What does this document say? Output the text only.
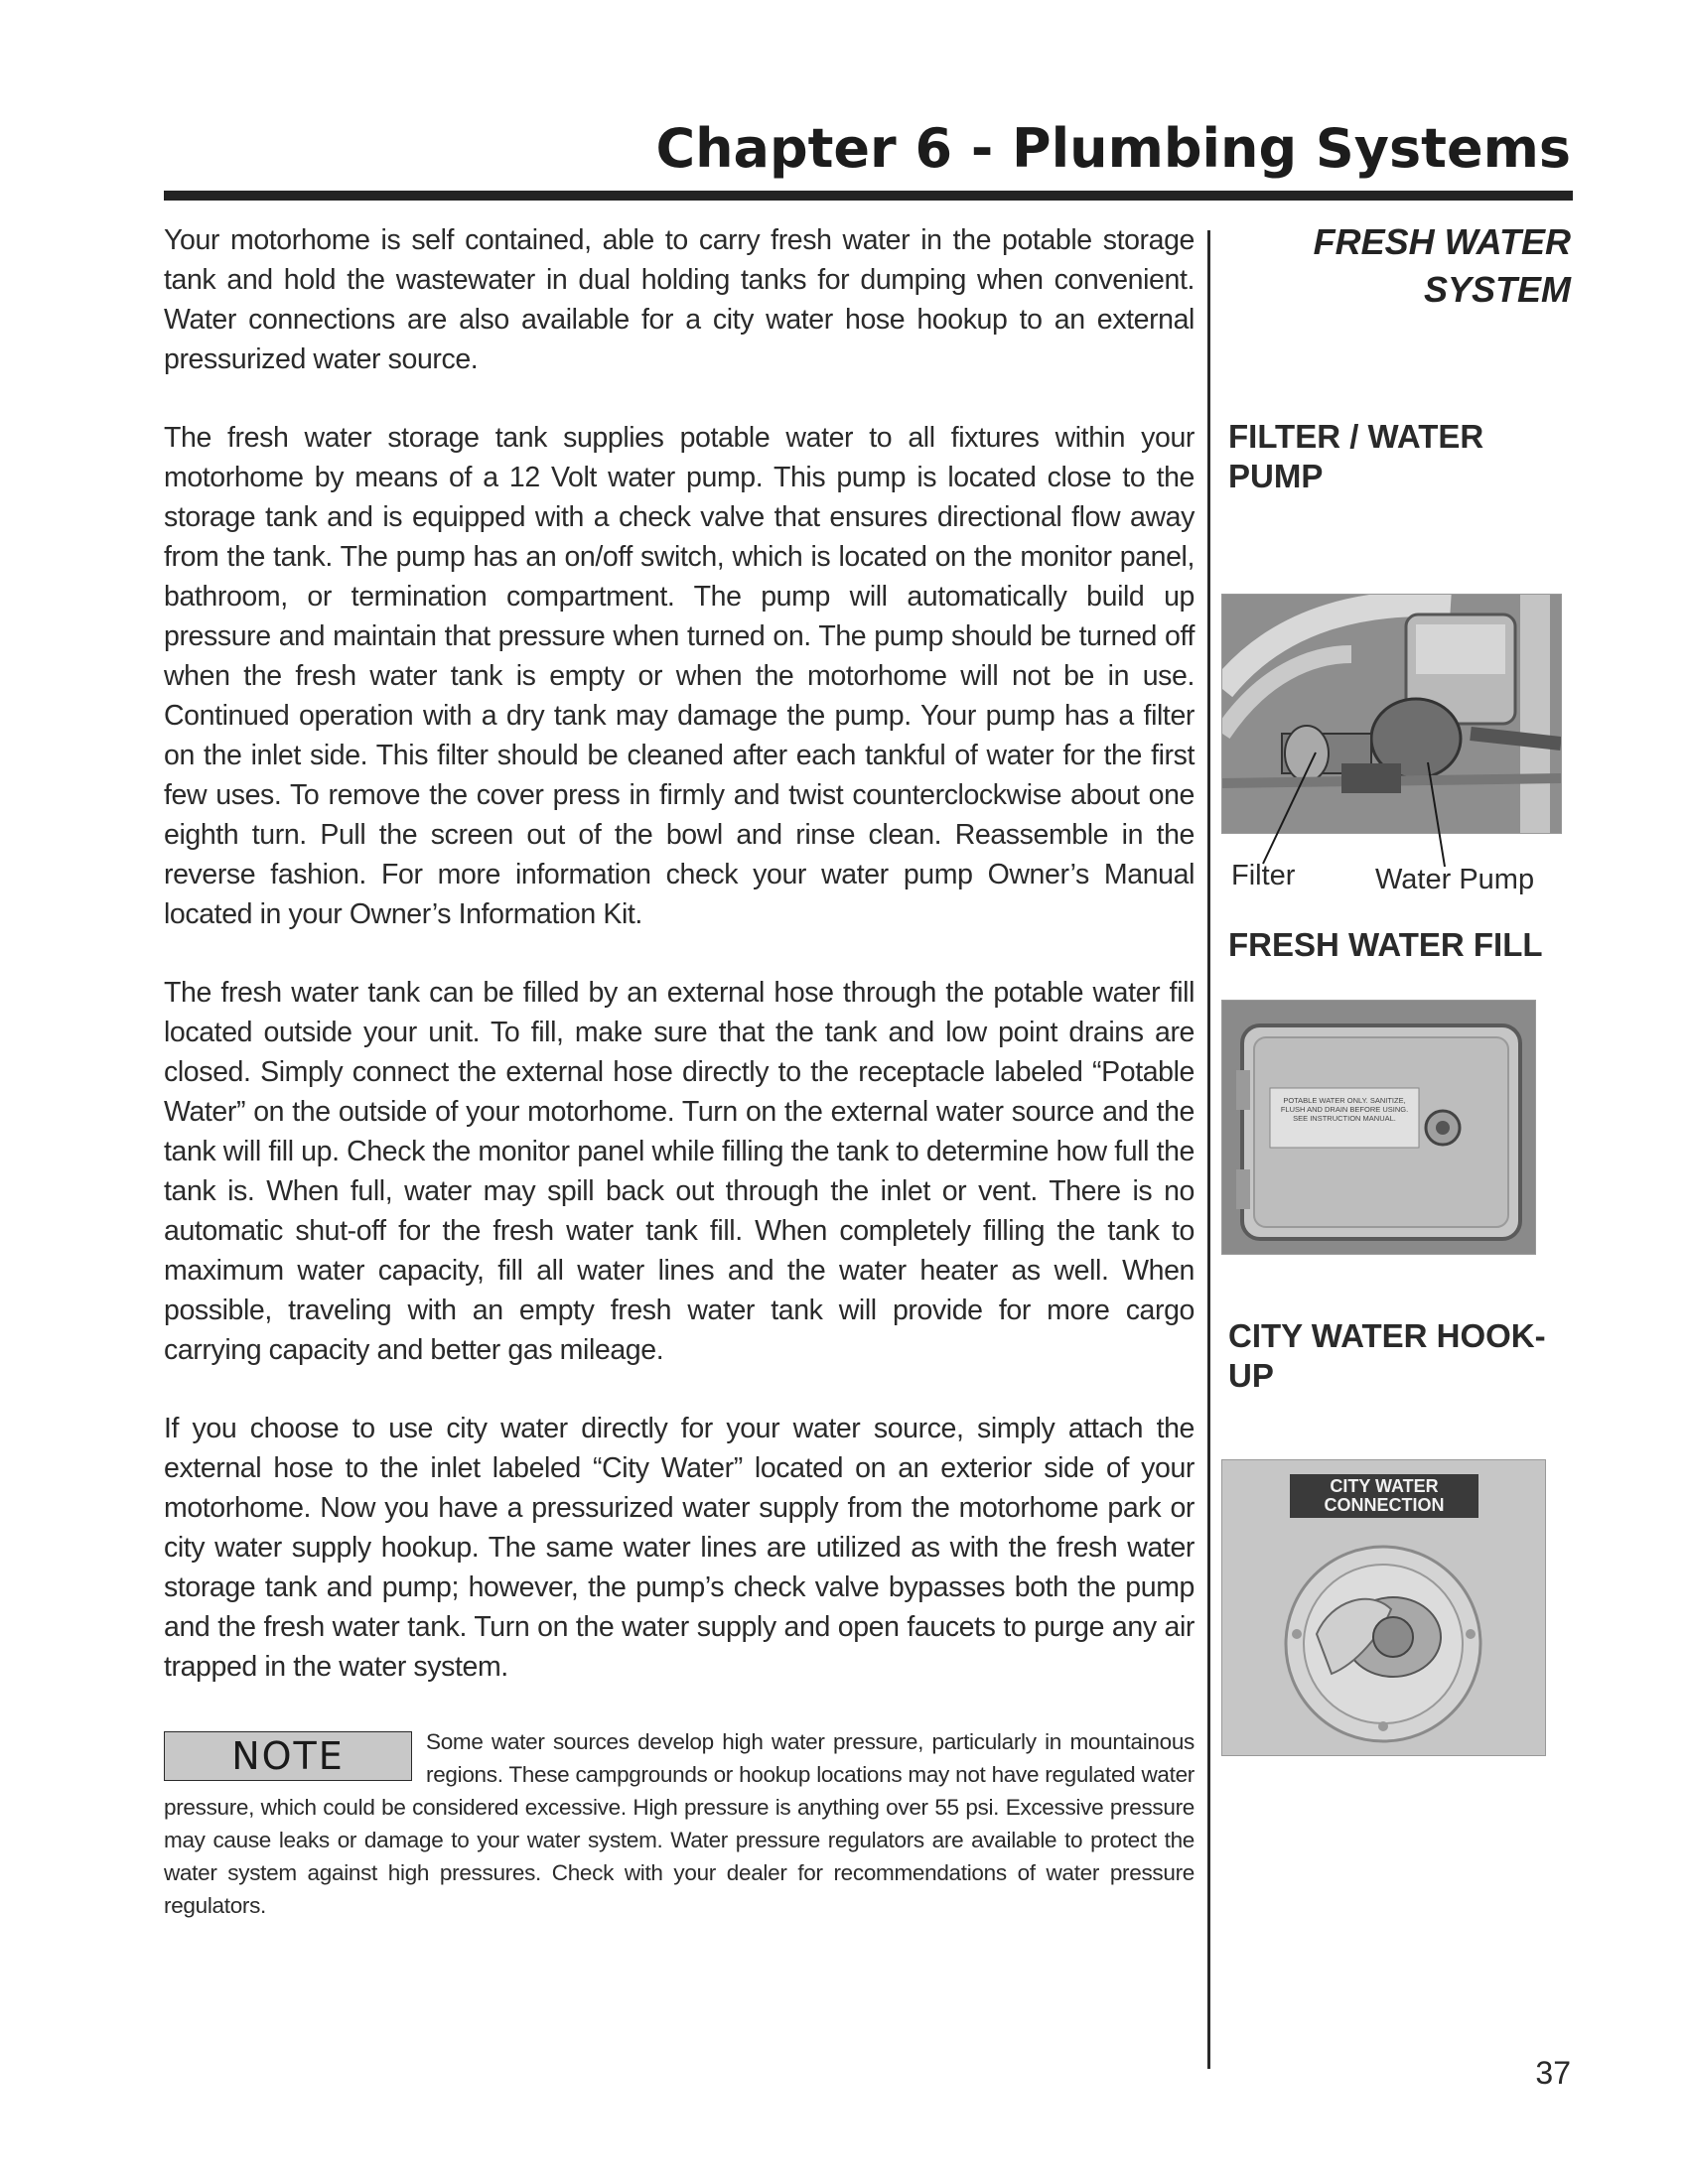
Chapter 6 - Plumbing Systems

Your motorhome is self contained, able to carry fresh water in the potable storage tank and hold the wastewater in dual holding tanks for dumping when convenient. Water connections are also available for a city water hose hookup to an external pressurized water source.

The fresh water storage tank supplies potable water to all fixtures within your motorhome by means of a 12 Volt water pump. This pump is located close to the storage tank and is equipped with a check valve that ensures directional flow away from the tank. The pump has an on/off switch, which is located on the monitor panel, bathroom, or termination compartment. The pump will automatically build up pressure and maintain that pressure when turned on. The pump should be turned off when the fresh water tank is empty or when the motorhome will not be in use. Continued operation with a dry tank may damage the pump. Your pump has a filter on the inlet side. This filter should be cleaned after each tankful of water for the first few uses. To remove the cover press in firmly and twist counterclockwise about one eighth turn. Pull the screen out of the bowl and rinse clean. Reassemble in the reverse fashion. For more information check your water pump Owner’s Manual located in your Owner’s Information Kit.

The fresh water tank can be filled by an external hose through the potable water fill located outside your unit. To fill, make sure that the tank and low point drains are closed. Simply connect the external hose directly to the receptacle labeled “Potable Water” on the outside of your motorhome. Turn on the external water source and the tank will fill up. Check the monitor panel while filling the tank to determine how full the tank is. When full, water may spill back out through the inlet or vent. There is no automatic shut-off for the fresh water tank fill. When completely filling the tank to maximum water capacity, fill all water lines and the water heater as well. When possible, traveling with an empty fresh water tank will provide for more cargo carrying capacity and better gas mileage.

If you choose to use city water directly for your water source, simply attach the external hose to the inlet labeled “City Water” located on an exterior side of your motorhome. Now you have a pressurized water supply from the motorhome park or city water supply hookup. The same water lines are utilized as with the fresh water storage tank and pump; however, the pump’s check valve bypasses both the pump and the fresh water tank. Turn on the water supply and open faucets to purge any air trapped in the water system.

NOTE	Some water sources develop high water pressure, particularly in mountainous regions. These campgrounds or hookup locations may not have regulated water pressure, which could be considered excessive. High pressure is anything over 55 psi. Excessive pressure may cause leaks or damage to your water system. Water pressure regulators are available to protect the water system against high pressures. Check with your dealer for recommendations of water pressure regulators.

FRESH WATER SYSTEM
FILTER / WATER PUMP
Filter	Water Pump
FRESH WATER FILL
POTABLE WATER ONLY. SANITIZE, FLUSH AND DRAIN BEFORE USING. SEE INSTRUCTION MANUAL.
CITY WATER HOOK-UP
CITY WATER
CONNECTION
37
